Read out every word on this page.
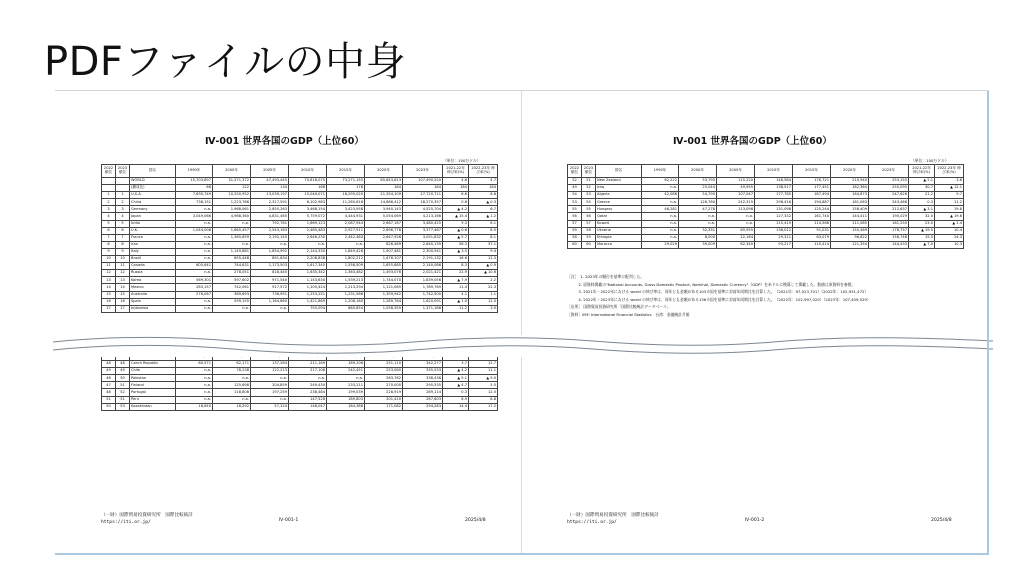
PDFファイルの中身
Ⅳ-001 世界各国のGDP（上位60）
（単位：100万ドル）
2022 順位	2023 順位	国名	1990年	2000年	2005年	2010年	2015年	2020年	2023年	2021-22年 伸び率(%)	2022-23年 伸び率(%)
		WORLD	15,703,897	31,571,372	47,493,445	70,618,075	73,271,155	85,643,813	107,490,520	4.6	4.7
		(構成比)	68	122	134	168	178	184	184	184	184
1	1	U.S.A.	7,635,749	10,250,952	13,039,197	15,049,071	18,295,020	21,354,109	27,720,711	6.6	6.6
2	2	China	738,151	1,223,766	2,317,591	6,102,983	11,260,616	14,666,412	18,270,357	0.6	▲ 0.3
3	3	Germany	n.a.	1,968,061	2,855,263	3,468,154	3,423,958	3,940,143	4,525,704	▲ 4.2	6.7
4	4	Japan	3,049,066	4,968,360	4,831,465	5,759,072	4,444,931	5,054,069	4,213,166	▲ 15.4	▲ 1.2
5	5	India	n.a.	n.a.	792,761	1,669,123	2,087,944	2,667,167	3,480,425	9.3	6.1
6	6	U.K.	1,044,006	1,665,457	2,543,163	2,485,483	2,927,911	2,696,778	3,377,467	▲ 0.6	8.5
7	7	France	n.a.	1,365,659	2,192,145	2,646,230	2,442,483	2,647,926	3,051,832	▲ 5.7	8.1
8	8	Iran	n.a.	n.a.	n.a.	n.a.	n.a.	826,469	2,640,135	56.3	37.1
9	9	Italy	n.a.	1,149,881	1,854,992	2,144,330	1,849,428	1,907,481	2,300,941	▲ 3.5	9.4
10	10	Brazil	n.a.	655,448	891,634	2,208,838	1,802,212	1,476,107	2,191,132	16.6	12.3
11	11	Canada	605,641	744,631	1,173,503	1,617,345	1,556,509	1,655,685	2,140,086	8.3	▲ 0.9
12	12	Russia	n.a.	278,051	818,440	1,635,342	1,363,482	1,493,076	2,021,421	22.9	▲ 10.6
13	13	Korea	569,301	597,602	971,540	1,143,630	1,539,213	1,744,070	1,839,056	▲ 7.9	2.2
14	14	Mexico	283,157	742,061	917,572	1,105,424	1,213,294	1,121,065	1,789,769	11.4	22.3
15	15	Australia	276,067	389,693	736,951	1,253,251	1,231,566	1,359,942	1,742,500	4.1	1.1
16	16	Spain	n.a.	599,155	1,164,660	1,421,869	1,208,185	1,289,784	1,620,091	▲ 1.0	12.0
17	17	Indonesia	n.a.	n.a.	n.a.	755,094	860,854	1,058,355	1,371,166	11.2	3.9

48	48	Czech Republic	60,571	62,171	137,264	211,189	189,106	251,110	342,277	3.7	12.7
49	49	Chile	n.a.	78,238	122,213	217,106	242,451	253,060	335,533	▲ 4.2	11.1
46	50	Pakistan	n.a.	n.a.	n.a.	n.a.	n.a.	263,762	338,436	▲ 5.1	▲ 9.0
47	51	Finland	n.a.	125,698	204,859	249,430	233,211	270,000	295,535	▲ 4.7	5.5
48	52	Portugal	n.a.	118,808	197,259	238,484	199,039	228,919	289,114	0.3	12.0
51	51	Peru	n.a.	n.a.	n.a.	147,528	189,803	201,410	267,603	6.9	8.8
50	53	Kazakhstan	18,640	18,292	57,124	148,047	184,388	171,082	294,283	14.4	17.2
（一財）国際貿易投資研究所　国際比較統計
https://iti.or.jp/	Ⅳ-001-1	2025/4/8
Ⅳ-001 世界各国のGDP（上位60）
（単位：100万ドル）
2022 順位	2023 順位	国名	1990年	2000年	2005年	2010年	2015年	2020年	2023年	2021-22年 伸び率(%)	2022-23年 伸び率(%)
52	51	New Zealand	62,222	53,795	115,220	146,584	176,721	210,940	253,155	▲ 2.1	3.6
49	52	Iraq	n.a.	25,044	49,955	138,517	177,451	182,364	250,095	30.7	▲ 12.1
54	53	Algeria	42,086	54,790	107,047	177,785	187,494	164,873	247,626	21.2	9.7
53	54	Greece	n.a.	126,780	242,315	298,416	194,887	181,063	243,466	0.3	11.2
55	55	Hungary	46,281	47,278	113,098	131,098	125,244	158,409	212,637	▲ 3.1	19.8
56	56	Qatar	n.a.	n.a.	n.a.	127,332	161,740	144,411	190,029	32.0	▲ 19.6
57	57	Kuwait	n.a.	n.a.	n.a.	115,419	114,568	111,085	161,250	23.0	▲ 1.4
59	58	Ukraine	n.a.	32,331	85,955	136,012	91,031	155,469	178,757	▲ 19.0	10.4
58	59	Ethiopia	n.a.	8,000	12,164	29,311	63,079	96,622	156,746	15.0	24.3
60	60	Morocco	29,029	39,009	62,340	93,217	110,414	121,354	144,433	▲ 7.0	10.3

［注］　1. 2023年の順位を基準に配列した。

　　　2. 原資料掲載の"National Accounts, Gross Domestic Product, Nominal, Domestic Currency"（GDP）を米ドルに換算して掲載した。数値は原資料を参照。

　　　3. 2021年・2022年における world の伸び率は、同年とも金額がある103カ国を基準に対前年同期比を計算した。（2021年：97,023,701）（2022年：102,931,472）

　　　4. 2022年・2023年における world の伸び率は、同年とも金額がある156カ国を基準に対前年同期比を計算した。（2022年：102,997,020）（2023年：107,409,529）

［出所］ 国際貿易投資研究所「国際比較統計データベース」

［資料］IMF: International Financial Statistics　台湾：金融統計月報

（一財）国際貿易投資研究所　国際比較統計
https://iti.or.jp/	Ⅳ-001-2	2025/4/8
